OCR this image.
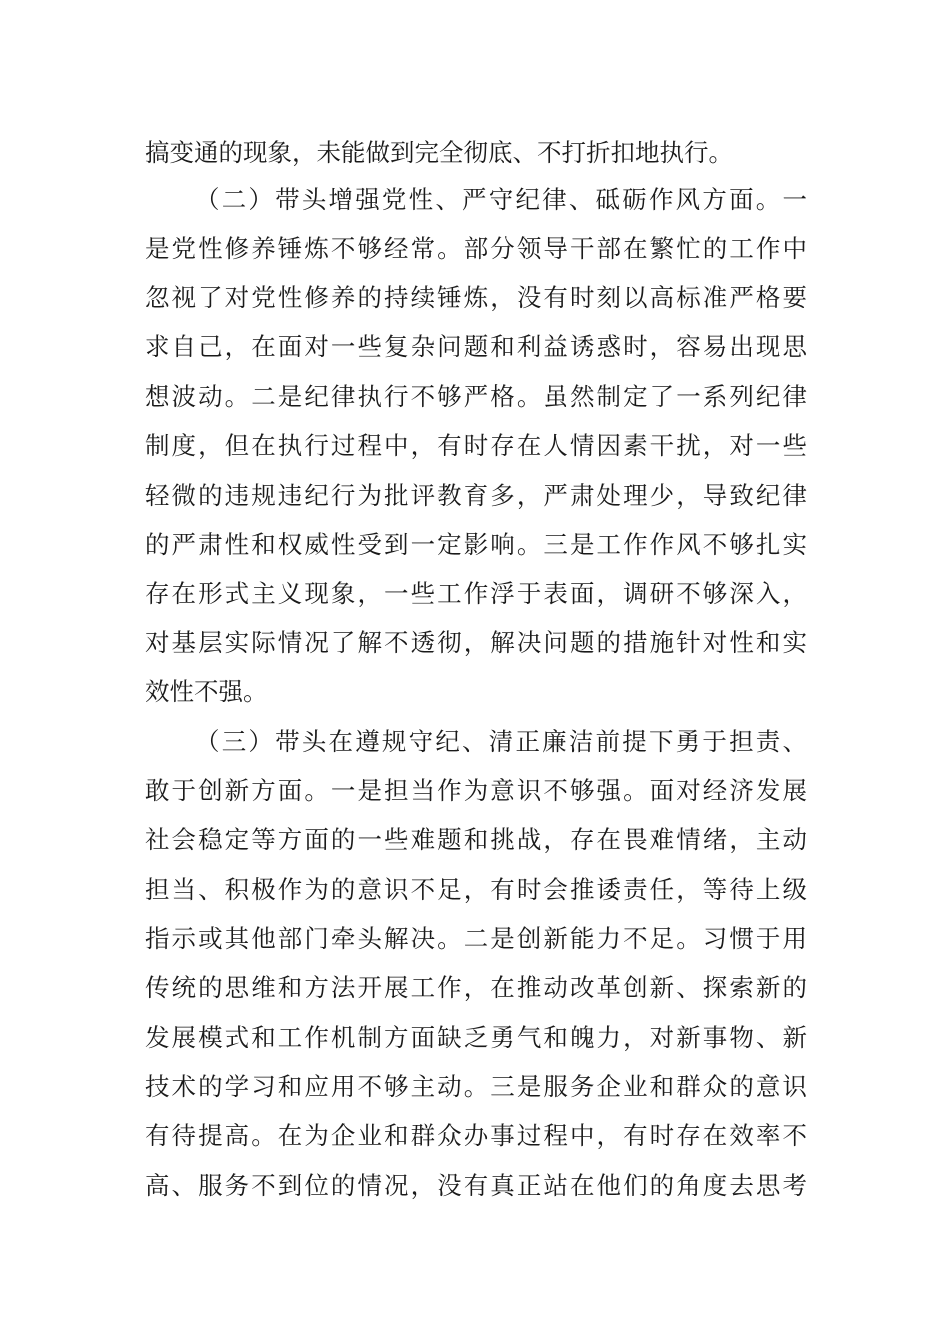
搞变通的现象，未能做到完全彻底、不打折扣地执行。
（二）带头增强党性、严守纪律、砥砺作风方面。一
是党性修养锤炼不够经常。部分领导干部在繁忙的工作中
忽视了对党性修养的持续锤炼，没有时刻以高标准严格要
求自己，在面对一些复杂问题和利益诱惑时，容易出现思
想波动。二是纪律执行不够严格。虽然制定了一系列纪律
制度，但在执行过程中，有时存在人情因素干扰，对一些
轻微的违规违纪行为批评教育多，严肃处理少，导致纪律
的严肃性和权威性受到一定影响。三是工作作风不够扎实
存在形式主义现象，一些工作浮于表面，调研不够深入，
对基层实际情况了解不透彻，解决问题的措施针对性和实
效性不强。
（三）带头在遵规守纪、清正廉洁前提下勇于担责、
敢于创新方面。一是担当作为意识不够强。面对经济发展
社会稳定等方面的一些难题和挑战，存在畏难情绪，主动
担当、积极作为的意识不足，有时会推诿责任，等待上级
指示或其他部门牵头解决。二是创新能力不足。习惯于用
传统的思维和方法开展工作，在推动改革创新、探索新的
发展模式和工作机制方面缺乏勇气和魄力，对新事物、新
技术的学习和应用不够主动。三是服务企业和群众的意识
有待提高。在为企业和群众办事过程中，有时存在效率不
高、服务不到位的情况，没有真正站在他们的角度去思考
